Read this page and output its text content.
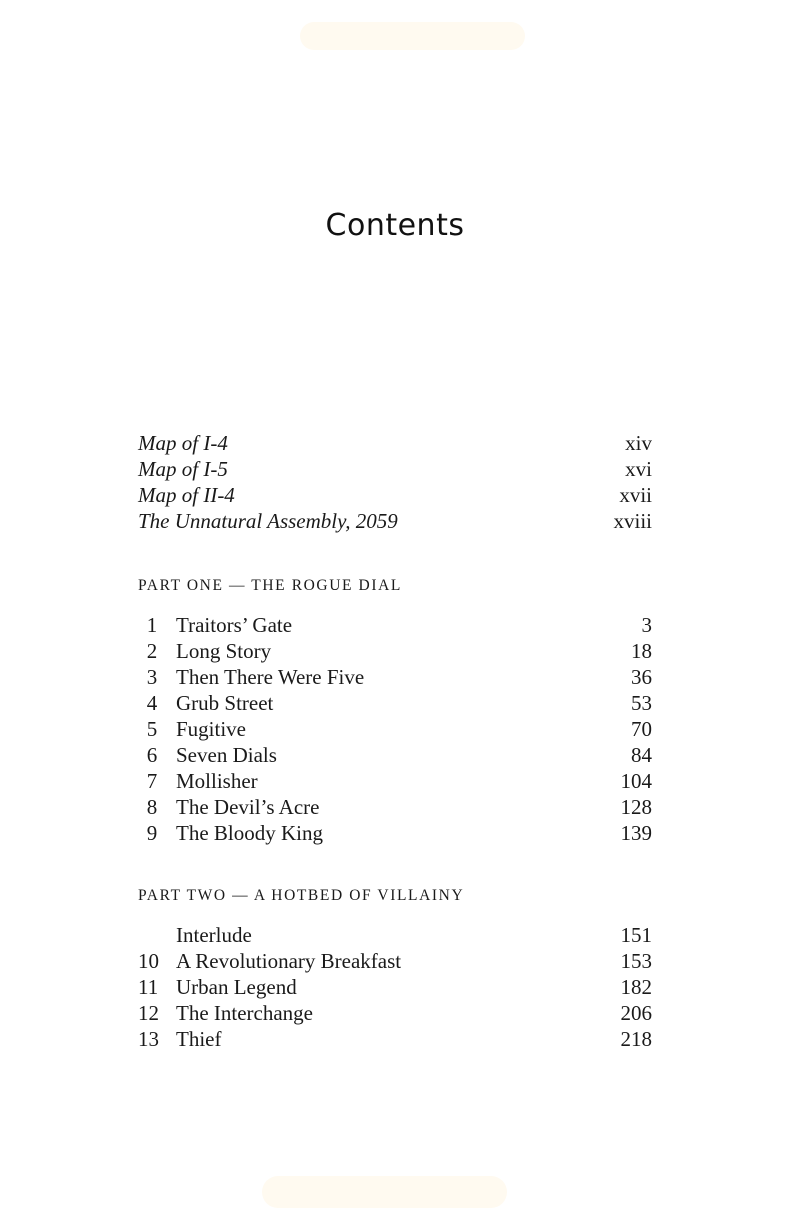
Contents
Map of I-4	xiv
Map of I-5	xvi
Map of II-4	xvii
The Unnatural Assembly, 2059	xviii
PART ONE — THE ROGUE DIAL
1 Traitors’ Gate	3
2 Long Story	18
3 Then There Were Five	36
4 Grub Street	53
5 Fugitive	70
6 Seven Dials	84
7 Mollisher	104
8 The Devil’s Acre	128
9 The Bloody King	139
PART TWO — A HOTBED OF VILLAINY
Interlude	151
10 A Revolutionary Breakfast	153
11 Urban Legend	182
12 The Interchange	206
13 Thief	218
